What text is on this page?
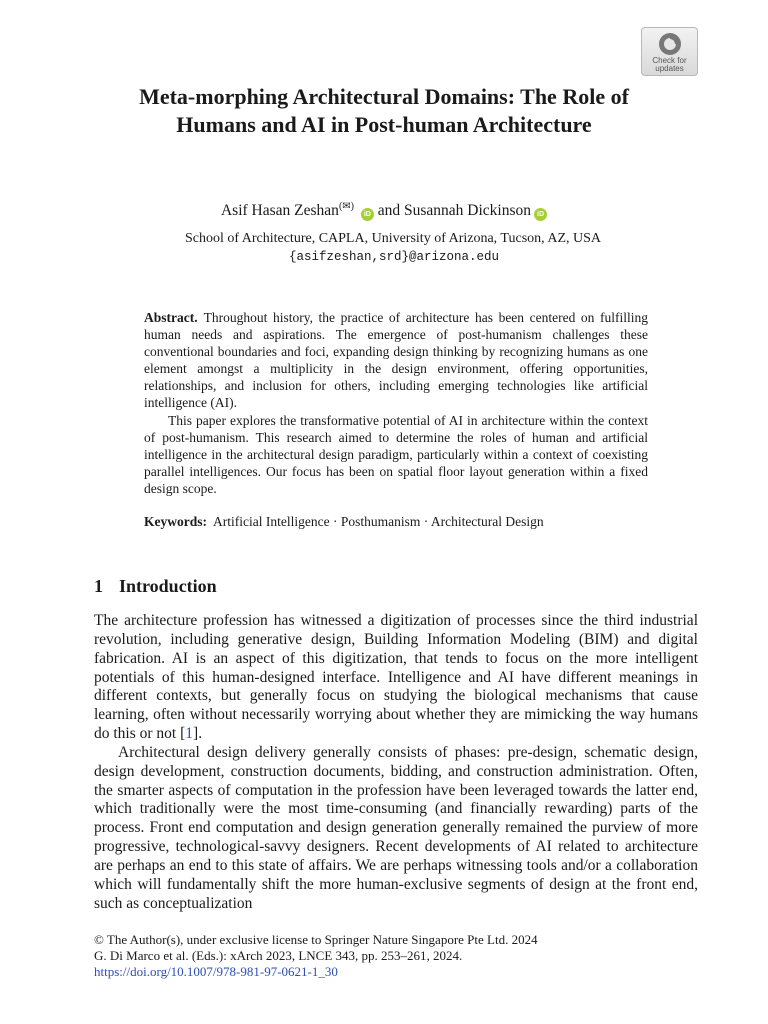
Check for
updates
Meta-morphing Architectural Domains: The Role of Humans and AI in Post-human Architecture
Asif Hasan Zeshan(✉) iD and Susannah Dickinson iD
School of Architecture, CAPLA, University of Arizona, Tucson, AZ, USA
{asifzeshan,srd}@arizona.edu

Abstract. Throughout history, the practice of architecture has been centered on fulfilling human needs and aspirations. The emergence of post-humanism challenges these conventional boundaries and foci, expanding design thinking by recognizing humans as one element amongst a multiplicity in the design environment, offering opportunities, relationships, and inclusion for others, including emerging technologies like artificial intelligence (AI).

This paper explores the transformative potential of AI in architecture within the context of post-humanism. This research aimed to determine the roles of human and artificial intelligence in the architectural design paradigm, particularly within a context of coexisting parallel intelligences. Our focus has been on spatial floor layout generation within a fixed design scope.

Keywords: Artificial Intelligence · Posthumanism · Architectural Design
1 Introduction

The architecture profession has witnessed a digitization of processes since the third industrial revolution, including generative design, Building Information Modeling (BIM) and digital fabrication. AI is an aspect of this digitization, that tends to focus on the more intelligent potentials of this human-designed interface. Intelligence and AI have different meanings in different contexts, but generally focus on studying the biological mechanisms that cause learning, often without necessarily worrying about whether they are mimicking the way humans do this or not [1].

Architectural design delivery generally consists of phases: pre-design, schematic design, design development, construction documents, bidding, and construction administration. Often, the smarter aspects of computation in the profession have been leveraged towards the latter end, which traditionally were the most time-consuming (and financially rewarding) parts of the process. Front end computation and design generation generally remained the purview of more progressive, technological-savvy designers. Recent developments of AI related to architecture are perhaps an end to this state of affairs. We are perhaps witnessing tools and/or a collaboration which will fundamentally shift the more human-exclusive segments of design at the front end, such as conceptualization

© The Author(s), under exclusive license to Springer Nature Singapore Pte Ltd. 2024
G. Di Marco et al. (Eds.): xArch 2023, LNCE 343, pp. 253–261, 2024.
https://doi.org/10.1007/978-981-97-0621-1_30
